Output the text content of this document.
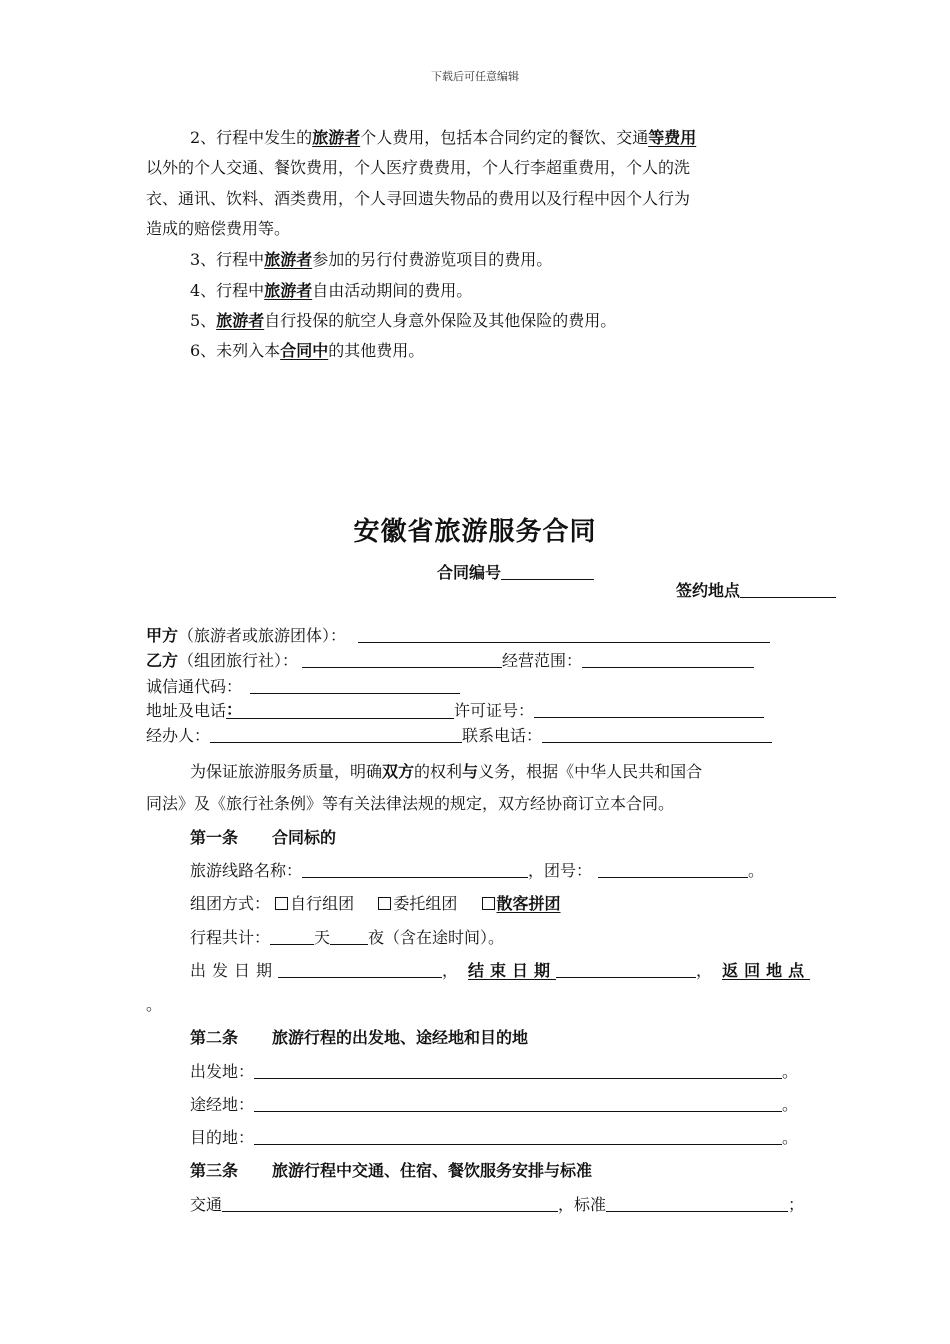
下载后可任意编辑
2、行程中发生的旅游者个人费用，包括本合同约定的餐饮、交通等费用
以外的个人交通、餐饮费用，个人医疗费费用，个人行李超重费用，个人的洗
衣、通讯、饮料、酒类费用，个人寻回遗失物品的费用以及行程中因个人行为
造成的赔偿费用等。
3、行程中旅游者参加的另行付费游览项目的费用。
4、行程中旅游者自由活动期间的费用。
5、旅游者自行投保的航空人身意外保险及其他保险的费用。
6、未列入本合同中的其他费用。
安徽省旅游服务合同
合同编号
签约地点
甲方（旅游者或旅游团体）：
乙方（组团旅行社）：	经营范围：
诚信通代码：
地址及电话：	许可证号：
经办人：	联系电话：
为保证旅游服务质量，明确双方的权利与义务，根据《中华人民共和国合
同法》及《旅行社条例》等有关法律法规的规定，双方经协商订立本合同。
第一条 合同标的
旅游线路名称：	，团号：	。
组团方式： 自行组团 委托组团 散客拼团
行程共计：	天 夜（含在途时间）。
出发日期	， 结束日期	， 返回地点
。
第二条 旅游行程的出发地、途经地和目的地
出发地：	。
途经地：	。
目的地：	。
第三条 旅游行程中交通、住宿、餐饮服务安排与标准
交通	，标准	；
